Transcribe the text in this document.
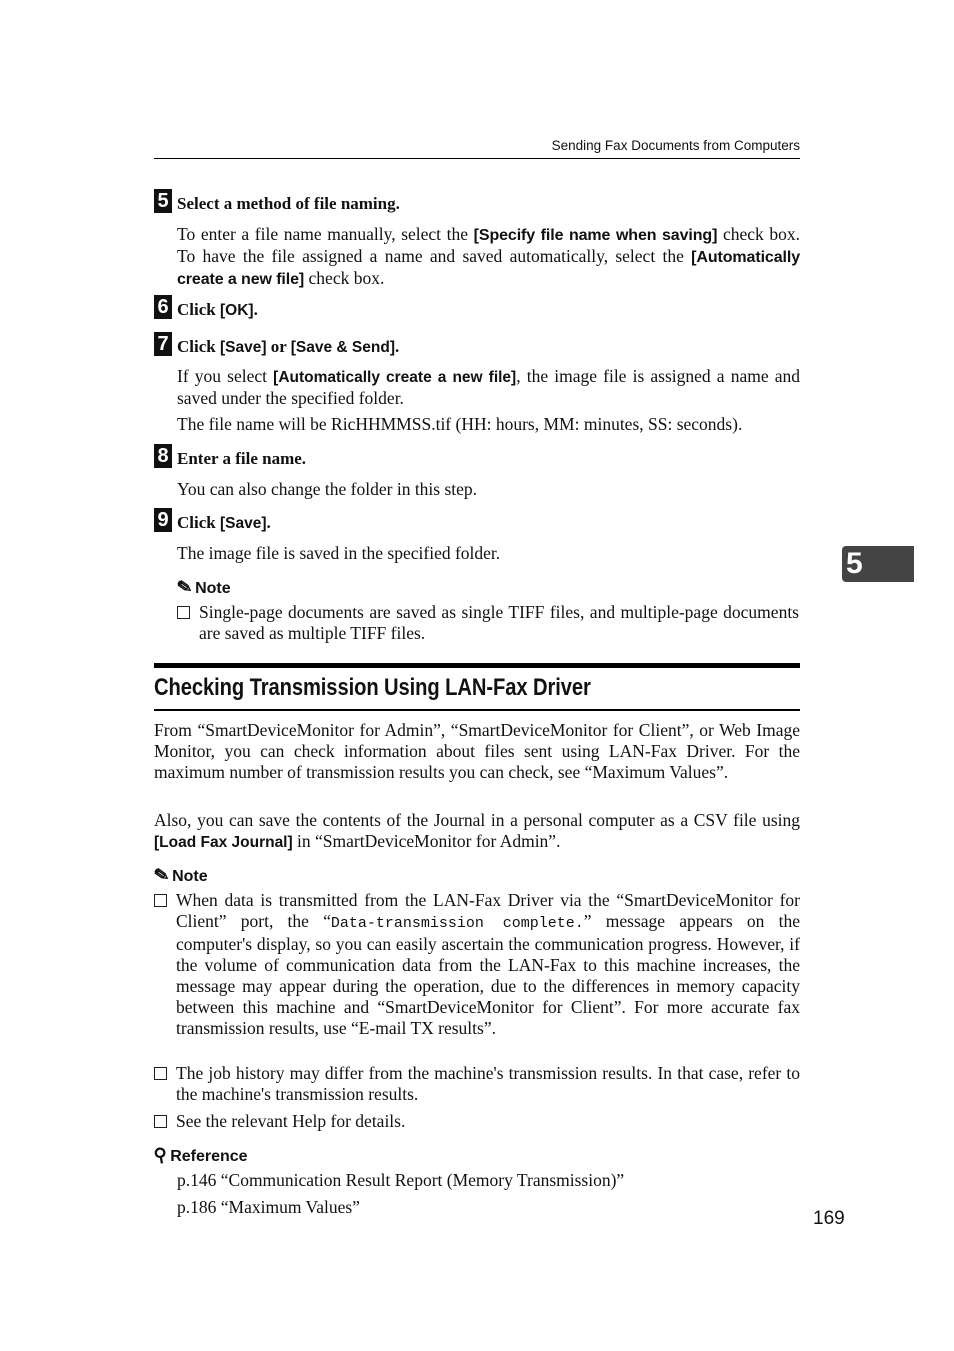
Sending Fax Documents from Computers
5
5 Select a method of file naming.
To enter a file name manually, select the [Specify file name when saving] check box. To have the file assigned a name and saved automatically, select the [Automatically create a new file] check box.
6 Click [OK].
7 Click [Save] or [Save & Send].
If you select [Automatically create a new file], the image file is assigned a name and saved under the specified folder.
The file name will be RicHHMMSS.tif (HH: hours, MM: minutes, SS: seconds).
8 Enter a file name.
You can also change the folder in this step.
9 Click [Save].
The image file is saved in the specified folder.
✎Note
Single-page documents are saved as single TIFF files, and multiple-page documents are saved as multiple TIFF files.
Checking Transmission Using LAN-Fax Driver
From “SmartDeviceMonitor for Admin”, “SmartDeviceMonitor for Client”, or Web Image Monitor, you can check information about files sent using LAN-Fax Driver. For the maximum number of transmission results you can check, see “Maximum Values”.
Also, you can save the contents of the Journal in a personal computer as a CSV file using [Load Fax Journal] in “SmartDeviceMonitor for Admin”.
✎Note
When data is transmitted from the LAN-Fax Driver via the “SmartDeviceMonitor for Client” port, the “Data-transmission complete.” message appears on the computer's display, so you can easily ascertain the communication progress. However, if the volume of communication data from the LAN-Fax to this machine increases, the message may appear during the operation, due to the differences in memory capacity between this machine and “SmartDeviceMonitor for Client”. For more accurate fax transmission results, use “E-mail TX results”.
The job history may differ from the machine's transmission results. In that case, refer to the machine's transmission results.
See the relevant Help for details.
⚲Reference
p.146 “Communication Result Report (Memory Transmission)”
p.186 “Maximum Values”
169
